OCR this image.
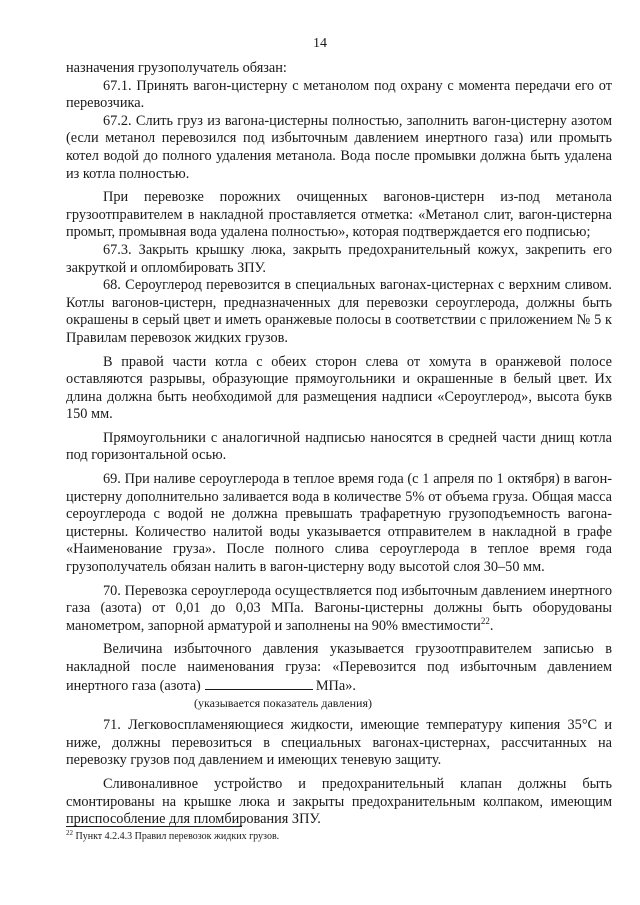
14

назначения грузополучатель обязан:

67.1. Принять вагон-цистерну с метанолом под охрану с момента передачи его от перевозчика.

67.2. Слить груз из вагона-цистерны полностью, заполнить вагон-цистерну азотом (если метанол перевозился под избыточным давлением инертного газа) или промыть котел водой до полного удаления метанола. Вода после промывки должна быть удалена из котла полностью.

При перевозке порожних очищенных вагонов-цистерн из-под метанола грузоотправителем в накладной проставляется отметка: «Метанол слит, вагон-цистерна промыт, промывная вода удалена полностью», которая подтверждается его подписью;

67.3. Закрыть крышку люка, закрыть предохранительный кожух, закрепить его закруткой и опломбировать ЗПУ.

68. Сероуглерод перевозится в специальных вагонах-цистернах с верхним сливом. Котлы вагонов-цистерн, предназначенных для перевозки сероуглерода, должны быть окрашены в серый цвет и иметь оранжевые полосы в соответствии с приложением № 5 к Правилам перевозок жидких грузов.

В правой части котла с обеих сторон слева от хомута в оранжевой полосе оставляются разрывы, образующие прямоугольники и окрашенные в белый цвет. Их длина должна быть необходимой для размещения надписи «Сероуглерод», высота букв 150 мм.

Прямоугольники с аналогичной надписью наносятся в средней части днищ котла под горизонтальной осью.

69. При наливе сероуглерода в теплое время года (с 1 апреля по 1 октября) в вагон-цистерну дополнительно заливается вода в количестве 5% от объема груза. Общая масса сероуглерода с водой не должна превышать трафаретную грузоподъемность вагона-цистерны. Количество налитой воды указывается отправителем в накладной в графе «Наименование груза». После полного слива сероуглерода в теплое время года грузополучатель обязан налить в вагон-цистерну воду высотой слоя 30–50 мм.

70. Перевозка сероуглерода осуществляется под избыточным давлением инертного газа (азота) от 0,01 до 0,03 МПа. Вагоны-цистерны должны быть оборудованы манометром, запорной арматурой и заполнены на 90% вместимости$^{22}$.

Величина избыточного давления указывается грузоотправителем записью в накладной после наименования груза: «Перевозится под избыточным давлением инертного газа (азота)	МПа».

(указывается показатель давления)

71. Легковоспламеняющиеся жидкости, имеющие температуру кипения 35°С и ниже, должны перевозиться в специальных вагонах-цистернах, рассчитанных на перевозку грузов под давлением и имеющих теневую защиту.

Сливоналивное устройство и предохранительный клапан должны быть смонтированы на крышке люка и закрыты предохранительным колпаком, имеющим приспособление для пломбирования ЗПУ.

$^{22}$ Пункт 4.2.4.3 Правил перевозок жидких грузов.
